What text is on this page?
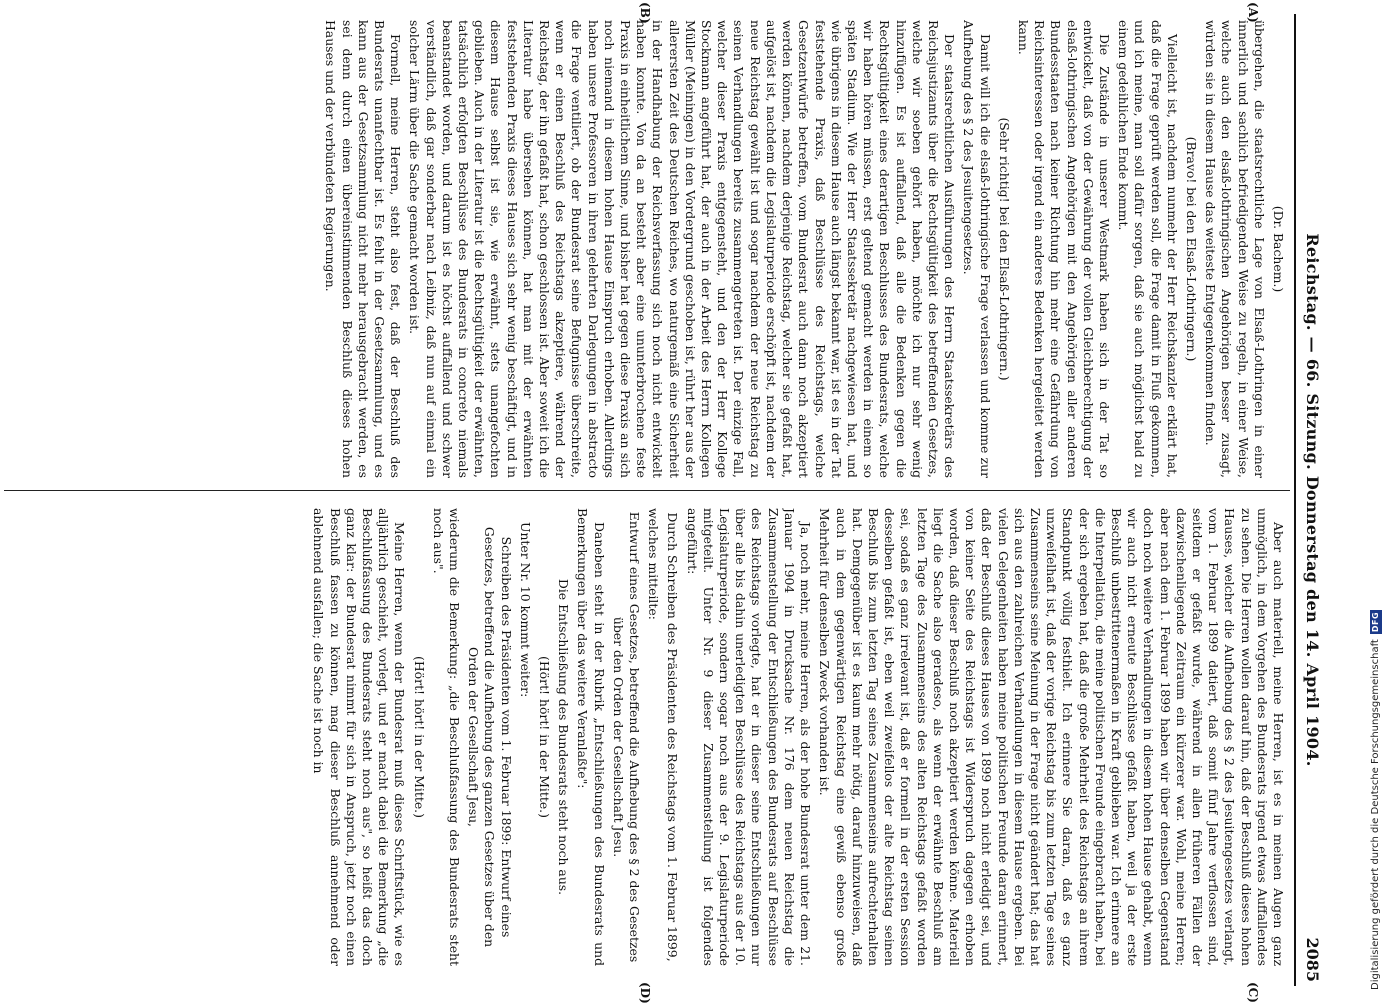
Reichstag. — 66. Sitzung. Donnerstag den 14. April 1904.
2085
(A)
(B)
(C)
(D)

(Dr. Bachem.)

übergehen, die staatsrechtliche Lage von Elsaß-Lothringen in einer innerlich und sachlich befriedigenden Weise zu regeln, in einer Weise, welche auch den elsaß-lothringischen Angehörigen besser zusagt, würden sie in diesem Hause das weiteste Entgegenkommen finden.

(Bravo! bei den Elsaß-Lothringern.)

Vielleicht ist, nachdem nunmehr der Herr Reichskanzler erklärt hat, daß die Frage geprüft werden soll, die Frage damit in Fluß gekommen, und ich meine, man soll dafür sorgen, daß sie auch möglichst bald zu einem gedeihlichen Ende kommt.

Die Zustände in unserer Westmark haben sich in der Tat so entwickelt, daß von der Gewährung der vollen Gleichberechtigung der elsaß-lothringischen Angehörigen mit den Angehörigen aller anderen Bundesstaaten nach keiner Richtung hin mehr eine Gefährdung von Reichsinteressen oder irgend ein anderes Bedenken hergeleitet werden kann.

(Sehr richtig! bei den Elsaß-Lothringern.)

Damit will ich die elsaß-lothringische Frage verlassen und komme zur Aufhebung des § 2 des Jesuitengesetzes.

Der staatsrechtlichen Ausführungen des Herrn Staatssekretärs des Reichsjustizamts über die Rechtsgültigkeit des betreffenden Gesetzes, welche wir soeben gehört haben, möchte ich nur sehr wenig hinzufügen. Es ist auffallend, daß alle die Bedenken gegen die Rechtsgültigkeit eines derartigen Beschlusses des Bundesrats, welche wir haben hören müssen, erst geltend gemacht werden in einem so späten Stadium. Wie der Herr Staatssekretär nachgewiesen hat, und wie übrigens in diesem Hause auch längst bekannt war, ist es in der Tat feststehende Praxis, daß Beschlüsse des Reichstags, welche Gesetzentwürfe betreffen, vom Bundesrat auch dann noch akzeptiert werden können, nachdem derjenige Reichstag, welcher sie gefaßt hat, aufgelöst ist, nachdem die Legislaturperiode erschöpft ist, nachdem der neue Reichstag gewählt ist und sogar nachdem der neue Reichstag zu seinen Verhandlungen bereits zusammengetreten ist. Der einzige Fall, welcher dieser Praxis entgegensteht, und den der Herr Kollege Stockmann angeführt hat, der auch in der Arbeit des Herrn Kollegen Müller (Meiningen) in den Vordergrund geschoben ist, rührt her aus der allerersten Zeit des Deutschen Reiches, wo naturgemäß eine Sicherheit in der Handhabung der Reichsverfassung sich noch nicht entwickelt haben konnte. Von da an besteht aber eine ununterbrochene feste Praxis in einheitlichem Sinne, und bisher hat gegen diese Praxis an sich noch niemand in diesem hohen Hause Einspruch erhoben. Allerdings haben unsere Professoren in ihren gelehrten Darlegungen in abstracto die Frage ventiliert, ob der Bundesrat seine Befugnisse überschreite, wenn er einen Beschluß des Reichstags akzeptiere, während der Reichstag, der ihn gefaßt hat, schon geschlossen ist. Aber soweit ich die Literatur habe übersehen können, hat man mit der erwähnten feststehenden Praxis dieses Hauses sich sehr wenig beschäftigt, und in diesem Hause selbst ist sie, wie erwähnt, stets unangefochten geblieben. Auch in der Literatur ist die Rechtsgültigkeit der erwähnten, tatsächlich erfolgten Beschlüsse des Bundesrats in concreto niemals beanstandet worden, und darum ist es höchst auffallend und schwer verständlich, daß gar sonderbar nach Leibniz, daß nun auf einmal ein solcher Lärm über die Sache gemacht worden ist.

Formell, meine Herren, steht also fest, daß der Beschluß des Bundesrats unanfechtbar ist. Es fehlt in der Gesetzsammlung, und es kann aus der Gesetzsammlung nicht mehr herausgebracht werden, es sei denn durch einen übereinstimmenden Beschluß dieses hohen Hauses und der verbündeten Regierungen.

Aber auch materiell, meine Herren, ist es in meinen Augen ganz unmöglich, in dem Vorgehen des Bundesrats irgend etwas Auffallendes zu sehen. Die Herren wollen darauf hin, daß der Beschluß dieses hohen Hauses, welcher die Aufhebung des § 2 des Jesuitengesetzes verlangt, vom 1. Februar 1899 datiert, daß somit fünf Jahre verflossen sind, seitdem er gefaßt wurde, während in allen früheren Fällen der dazwischenliegende Zeitraum ein kürzerer war. Wohl, meine Herren; aber nach dem 1. Februar 1899 haben wir über denselben Gegenstand doch noch weitere Verhandlungen in diesem hohen Hause gehabt, wenn wir auch nicht erneute Beschlüsse gefaßt haben, weil ja der erste Beschluß unbestrittenermaßen in Kraft geblieben war. Ich erinnere an die Interpellation, die meine politischen Freunde eingebracht haben, bei der sich ergeben hat, daß die große Mehrheit des Reichstags an ihrem Standpunkt völlig festhielt. Ich erinnere Sie daran, daß es ganz unzweifelhaft ist, daß der vorige Reichstag bis zum letzten Tage seines Zusammenseins seine Meinung in der Frage nicht geändert hat; das hat sich aus den zahlreichen Verhandlungen in diesem Hause ergeben. Bei vielen Gelegenheiten haben meine politischen Freunde daran erinnert, daß der Beschluß dieses Hauses von 1899 noch nicht erledigt sei, und von keiner Seite des Reichstags ist Widerspruch dagegen erhoben worden, daß dieser Beschluß noch akzeptiert werden könne. Materiell liegt die Sache also geradeso, als wenn der erwähnte Beschluß am letzten Tage des Zusammenseins des alten Reichstags gefaßt worden sei, sodaß es ganz irrelevant ist, daß er formell in der ersten Session desselben gefaßt ist, eben weil zweifellos der alte Reichstag seinen Beschluß bis zum letzten Tag seines Zusammenseins aufrechterhalten hat. Demgegenüber ist es kaum mehr nötig, darauf hinzuweisen, daß auch in dem gegenwärtigen Reichstag eine gewiß ebenso große Mehrheit für denselben Zweck vorhanden ist.

Ja, noch mehr, meine Herren, als der hohe Bundesrat unter dem 21. Januar 1904 in Drucksache Nr. 176 dem neuen Reichstag die Zusammenstellung der Entschließungen des Bundesrats auf Beschlüsse des Reichstags vorlegte, hat er in dieser seine Entschließungen nur über alle bis dahin unerledigten Beschlüsse des Reichstags aus der 10. Legislaturperiode, sondern sogar noch aus der 9. Legislaturperiode mitgeteilt. Unter Nr. 9 dieser Zusammenstellung ist folgendes angeführt:

Durch Schreiben des Präsidenten des Reichstags vom 1. Februar 1899,

welches mitteilte:

Entwurf eines Gesetzes, betreffend die Aufhebung des § 2 des Gesetzes über den Orden der Gesellschaft Jesu.

Daneben steht in der Rubrik „Entschließungen des Bundesrats und Bemerkungen über das weitere Veranlaßte":

Die Entschließung des Bundesrats steht noch aus.

(Hört! hört! in der Mitte.)

Unter Nr. 10 kommt weiter:

Schreiben des Präsidenten vom 1. Februar 1899: Entwurf eines Gesetzes, betreffend die Aufhebung des ganzen Gesetzes über den Orden der Gesellschaft Jesu,

wiederum die Bemerkung: „die Beschlußfassung des Bundesrats steht noch aus".

(Hört! hört! in der Mitte.)

Meine Herren, wenn der Bundesrat muß dieses Schriftstück, wie es alljährlich geschieht, vorlegt, und er macht dabei die Bemerkung „die Beschlußfassung des Bundesrats steht noch aus", so heißt das doch ganz klar: der Bundesrat nimmt für sich in Anspruch, jetzt noch einen Beschluß fassen zu können, mag dieser Beschluß annehmend oder ablehnend ausfallen; die Sache ist noch in	Digitalisierung gefördert durch die Deutsche Forschungsgemeinschaft
DFG
